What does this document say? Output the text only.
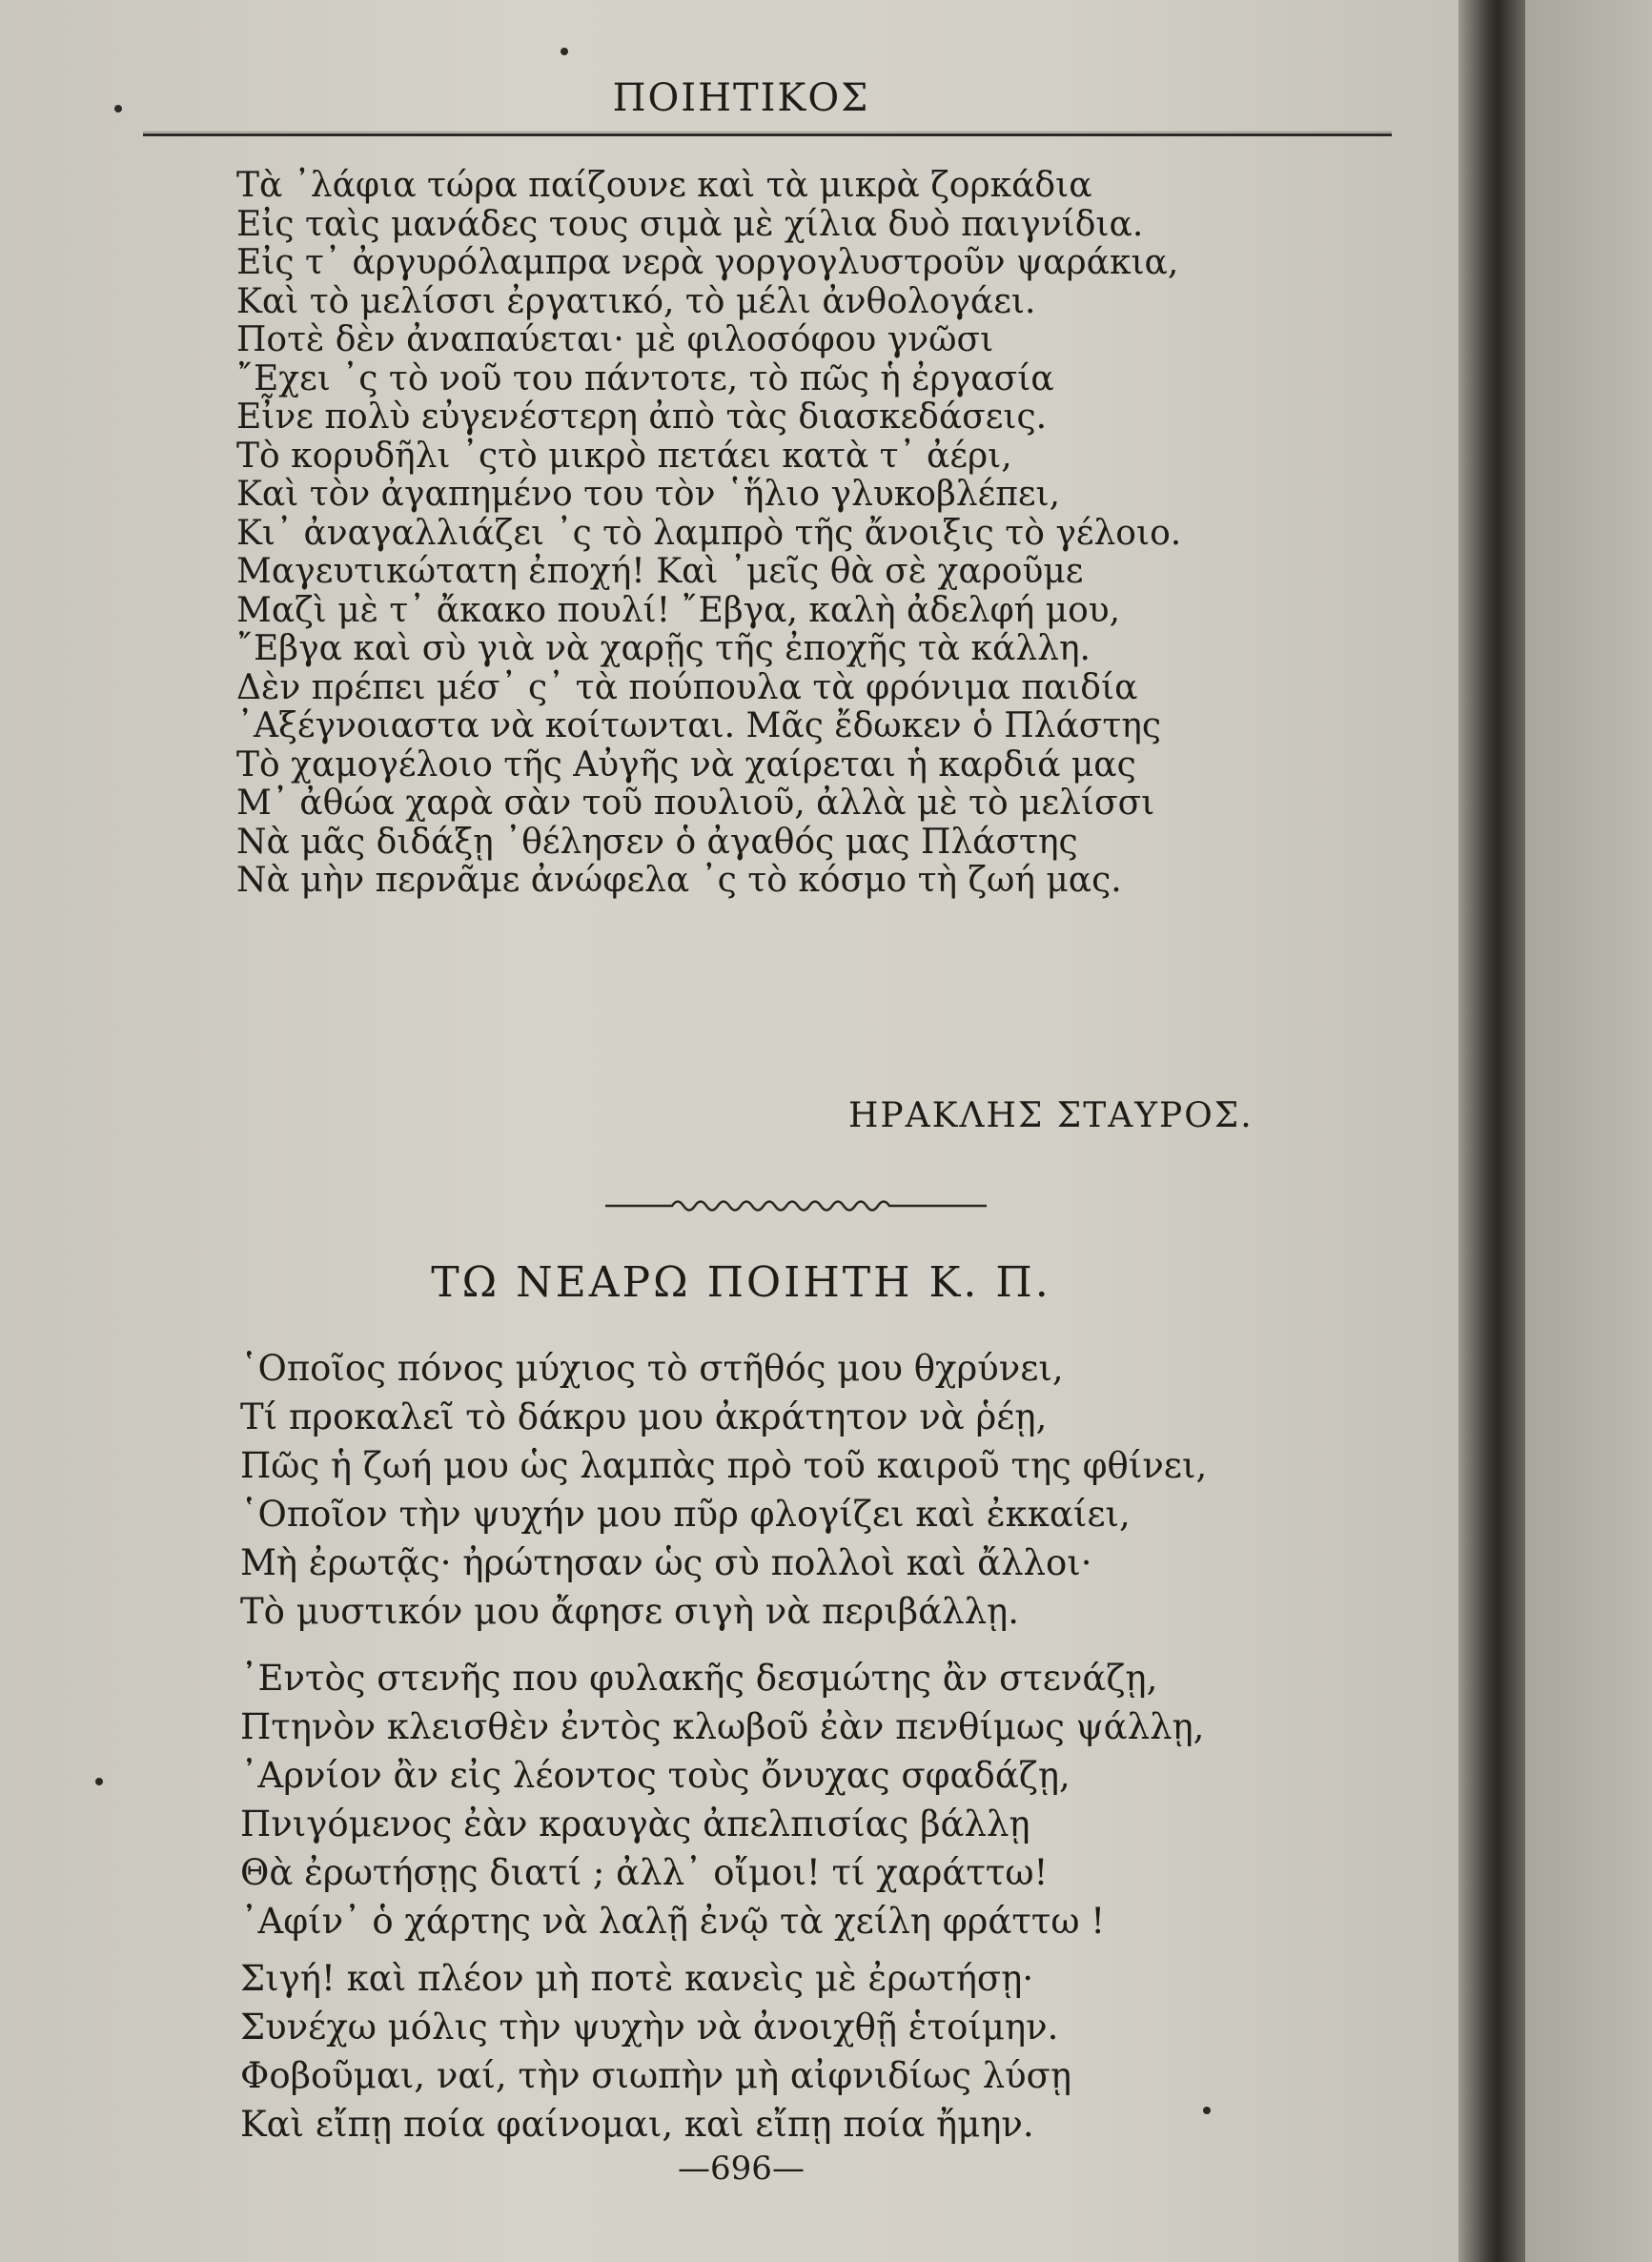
ΠΟΙΗΤΙΚΟΣ
Τὰ ᾿λάφια τώρα παίζουνε καὶ τὰ μικρὰ ζορκάδια
Εἰς ταὶς μανάδες τους σιμὰ μὲ χίλια δυὸ παιγνίδια.
Εἰς τ᾿ ἀργυρόλαμπρα νερὰ γοργογλυστροῦν ψαράκια,
Καὶ τὸ μελίσσι ἐργατικό, τὸ μέλι ἀνθολογάει.
Ποτὲ δὲν ἀναπαύεται· μὲ φιλοσόφου γνῶσι
῎Εχει ᾿ς τὸ νοῦ του πάντοτε, τὸ πῶς ἡ ἐργασία
Εἶνε πολὺ εὐγενέστερη ἀπὸ τὰς διασκεδάσεις.
Τὸ κορυδῆλι ᾿ςτὸ μικρὸ πετάει κατὰ τ᾿ ἀέρι,
Καὶ τὸν ἀγαπημένο του τὸν ῾ἥλιο γλυκοβλέπει,
Κι᾿ ἀναγαλλιάζει ᾿ς τὸ λαμπρὸ τῆς ἄνοιξις τὸ γέλοιο.
Μαγευτικώτατη ἐποχή! Καὶ ᾿μεῖς θὰ σὲ χαροῦμε
Μαζὶ μὲ τ᾿ ἄκακο πουλί! ῎Εβγα, καλὴ ἀδελφή μου,
῎Εβγα καὶ σὺ γιὰ νὰ χαρῇς τῆς ἐποχῆς τὰ κάλλη.
Δὲν πρέπει μέσ᾿ ς᾿ τὰ πούπουλα τὰ φρόνιμα παιδία
᾿Αξέγνοιαστα νὰ κοίτωνται. Μᾶς ἔδωκεν ὁ Πλάστης
Τὸ χαμογέλοιο τῆς Αὐγῆς νὰ χαίρεται ἡ καρδιά μας
Μ᾿ ἀθώα χαρὰ σὰν τοῦ πουλιοῦ, ἀλλὰ μὲ τὸ μελίσσι
Νὰ μᾶς διδάξῃ ᾿θέλησεν ὁ ἀγαθός μας Πλάστης
Νὰ μὴν περνᾶμε ἀνώφελα ᾿ς τὸ κόσμο τὴ ζωή μας.
ΗΡΑΚΛΗΣ ΣΤΑΥΡΟΣ.
ΤΩ ΝΕΑΡΩ ΠΟΙΗΤΗ Κ. Π.
῾Οποῖος πόνος μύχιος τὸ στῆθός μου θχρύνει,
Τί προκαλεῖ τὸ δάκρυ μου ἀκράτητον νὰ ῥέῃ,
Πῶς ἡ ζωή μου ὡς λαμπὰς πρὸ τοῦ καιροῦ της φθίνει,
῾Οποῖον τὴν ψυχήν μου πῦρ φλογίζει καὶ ἐκκαίει,
Μὴ ἐρωτᾷς· ἠρώτησαν ὡς σὺ πολλοὶ καὶ ἄλλοι·
Τὸ μυστικόν μου ἄφησε σιγὴ νὰ περιβάλλῃ.
᾿Εντὸς στενῆς που φυλακῆς δεσμώτης ἂν στενάζῃ,
Πτηνὸν κλεισθὲν ἐντὸς κλωβοῦ ἐὰν πενθίμως ψάλλῃ,
᾿Αρνίον ἂν εἰς λέοντος τοὺς ὄνυχας σφαδάζῃ,
Πνιγόμενος ἐὰν κραυγὰς ἀπελπισίας βάλλῃ
Θὰ ἐρωτήσῃς διατί ; ἀλλ᾿ οἴμοι! τί χαράττω!
᾿Αφίν᾿ ὁ χάρτης νὰ λαλῇ ἐνῷ τὰ χείλη φράττω !
Σιγή! καὶ πλέον μὴ ποτὲ κανεὶς μὲ ἐρωτήσῃ·
Συνέχω μόλις τὴν ψυχὴν νὰ ἀνοιχθῇ ἑτοίμην.
Φοβοῦμαι, ναί, τὴν σιωπὴν μὴ αἰφνιδίως λύσῃ
Καὶ εἴπῃ ποία φαίνομαι, καὶ εἴπῃ ποία ἤμην.
—696—
